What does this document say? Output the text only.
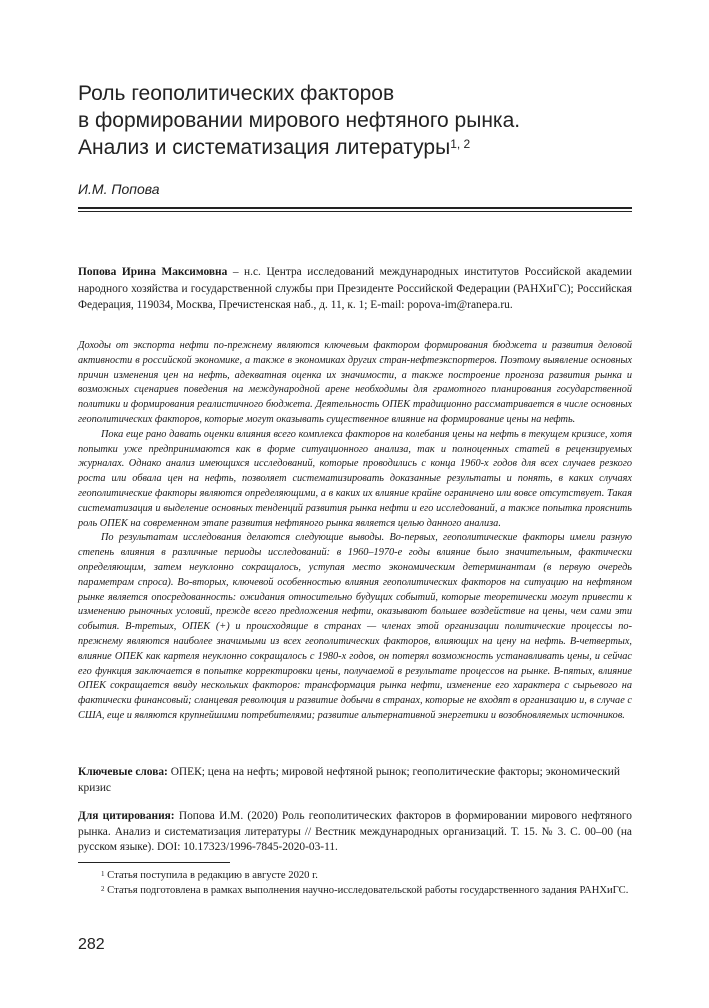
Роль геополитических факторов
в формировании мирового нефтяного рынка.
Анализ и систематизация литературы$^{1, 2}$
И.М. Попова

Попова Ирина Максимовна – н.с. Центра исследований международных институтов Российской академии народного хозяйства и государственной службы при Президенте Российской Федерации (РАНХиГС); Российская Федерация, 119034, Москва, Пречистенская наб., д. 11, к. 1; E-mail: popova-im@ranepa.ru.

Доходы от экспорта нефти по-прежнему являются ключевым фактором формирования бюджета и развития деловой активности в российской экономике, а также в экономиках других стран-нефтеэкспортеров. Поэтому выявление основных причин изменения цен на нефть, адекватная оценка их значимости, а также построение прогноза развития рынка и возможных сценариев поведения на международной арене необходимы для грамотного планирования государственной политики и формирования реалистичного бюджета. Деятельность ОПЕК традиционно рассматривается в числе основных геополитических факторов, которые могут оказывать существенное влияние на формирование цены на нефть.

Пока еще рано давать оценки влияния всего комплекса факторов на колебания цены на нефть в текущем кризисе, хотя попытки уже предпринимаются как в форме ситуационного анализа, так и полноценных статей в рецензируемых журналах. Однако анализ имеющихся исследований, которые проводились с конца 1960-х годов для всех случаев резкого роста или обвала цен на нефть, позволяет систематизировать доказанные результаты и понять, в каких случаях геополитические факторы являются определяющими, а в каких их влияние крайне ограничено или вовсе отсутствует. Такая систематизация и выделение основных тенденций развития рынка нефти и его исследований, а также попытка прояснить роль ОПЕК на современном этапе развития нефтяного рынка является целью данного анализа.

По результатам исследования делаются следующие выводы. Во-первых, геополитические факторы имели разную степень влияния в различные периоды исследований: в 1960–1970-е годы влияние было значительным, фактически определяющим, затем неуклонно сокращалось, уступая место экономическим детерминантам (в первую очередь параметрам спроса). Во-вторых, ключевой особенностью влияния геополитических факторов на ситуацию на нефтяном рынке является опосредованность: ожидания относительно будущих событий, которые теоретически могут привести к изменению рыночных условий, прежде всего предложения нефти, оказывают большее воздействие на цены, чем сами эти события. В-третьих, ОПЕК (+) и происходящие в странах — членах этой организации политические процессы по-прежнему являются наиболее значимыми из всех геополитических факторов, влияющих на цену на нефть. В-четвертых, влияние ОПЕК как картеля неуклонно сокращалось с 1980-х годов, он потерял возможность устанавливать цены, и сейчас его функция заключается в попытке корректировки цены, получаемой в результате процессов на рынке. В-пятых, влияние ОПЕК сокращается ввиду нескольких факторов: трансформация рынка нефти, изменение его характера с сырьевого на фактически финансовый; сланцевая революция и развитие добычи в странах, которые не входят в организацию и, в случае с США, еще и являются крупнейшими потребителями; развитие альтернативной энергетики и возобновляемых источников.

Ключевые слова: ОПЕК; цена на нефть; мировой нефтяной рынок; геополитические факторы; экономический кризис

Для цитирования: Попова И.М. (2020) Роль геополитических факторов в формировании мирового нефтяного рынка. Анализ и систематизация литературы // Вестник международных организаций. Т. 15. № 3. С. 00–00 (на русском языке). DOI: 10.17323/1996-7845-2020-03-11.

$^1$ Статья поступила в редакцию в августе 2020 г.

$^2$ Статья подготовлена в рамках выполнения научно-исследовательской работы государственного задания РАНХиГС.

282
